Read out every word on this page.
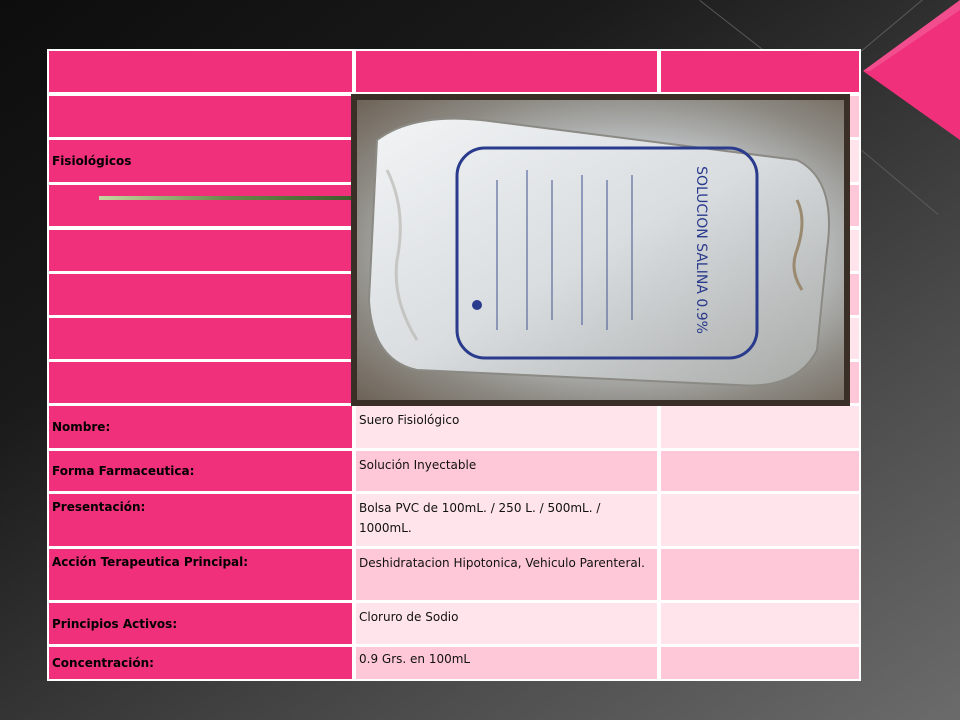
Fisiológicos
Nombre:	Suero Fisiológico
Forma Farmaceutica:	Solución Inyectable
Presentación:	Bolsa PVC de 100mL. / 250 L. / 500mL. / 1000mL.
Acción Terapeutica Principal:	Deshidratacion Hipotonica, Vehiculo Parenteral.
Principios Activos:	Cloruro de Sodio
Concentración:	0.9 Grs. en 100mL
SOLUCION SALINA 0.9%
